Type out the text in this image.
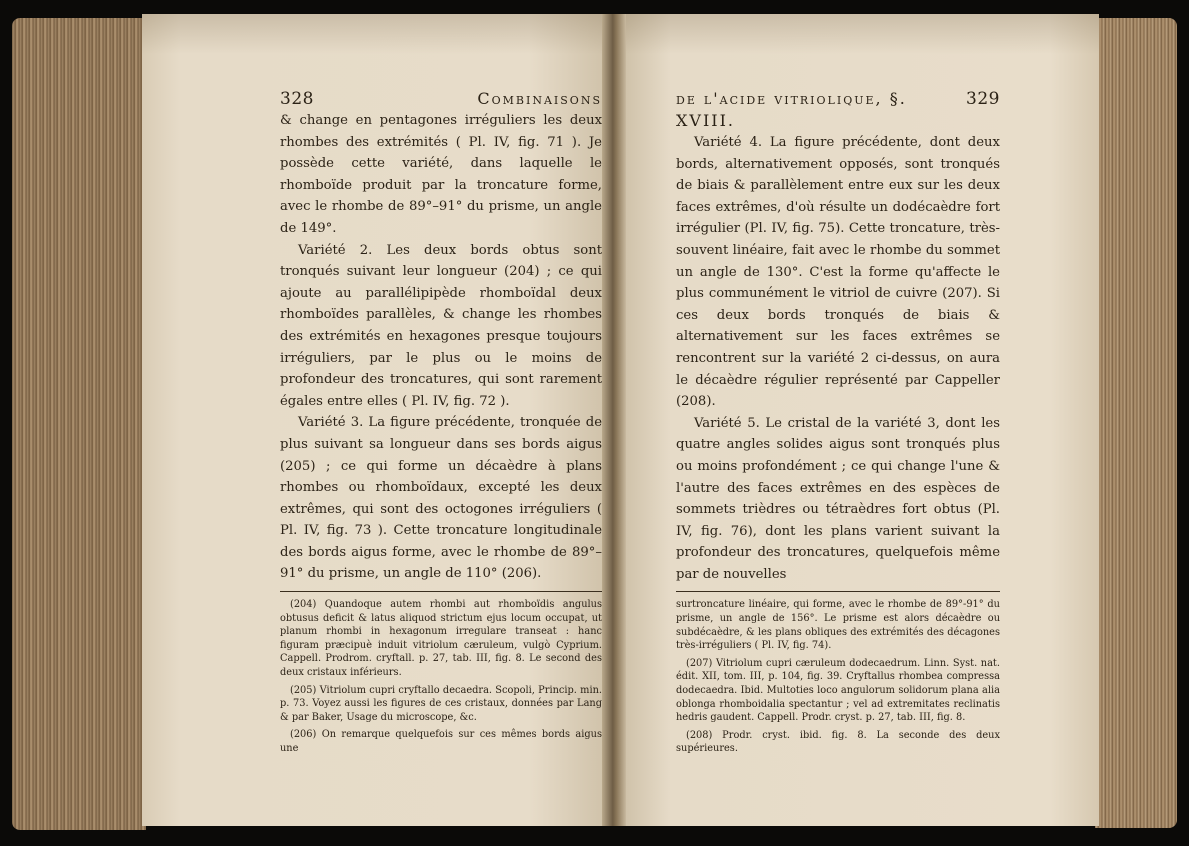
328	Combinaisons

& change en pentagones irréguliers les deux rhombes des extrémités ( Pl. IV, fig. 71 ). Je possède cette variété, dans laquelle le rhomboïde produit par la troncature forme, avec le rhombe de 89°–91° du prisme, un angle de 149°.

Variété 2. Les deux bords obtus sont tronqués suivant leur longueur (204) ; ce qui ajoute au parallélipipède rhomboïdal deux rhomboïdes parallèles, & change les rhombes des extrémités en hexagones presque toujours irréguliers, par le plus ou le moins de profondeur des troncatures, qui sont rarement égales entre elles ( Pl. IV, fig. 72 ).

Variété 3. La figure précédente, tronquée de plus suivant sa longueur dans ses bords aigus (205) ; ce qui forme un décaèdre à plans rhombes ou rhomboïdaux, excepté les deux extrêmes, qui sont des octogones irréguliers ( Pl. IV, fig. 73 ). Cette troncature longitudinale des bords aigus forme, avec le rhombe de 89°–91° du prisme, un angle de 110° (206).

(204) Quandoque autem rhombi aut rhomboïdis angulus obtusus deficit & latus aliquod strictum ejus locum occupat, ut planum rhombi in hexagonum irregulare transeat : hanc figuram præcipuè induit vitriolum cæruleum, vulgò Cyprium. Cappell. Prodrom. cryftall. p. 27, tab. III, fig. 8. Le second des deux cristaux inférieurs.

(205) Vitriolum cupri cryftallo decaedra. Scopoli, Princip. min. p. 73. Voyez aussi les figures de ces cristaux, données par Lang & par Baker, Usage du microscope, &c.

(206) On remarque quelquefois sur ces mêmes bords aigus une

de l'acide vitriolique, §. XVIII.
329

Variété 4. La figure précédente, dont deux bords, alternativement opposés, sont tronqués de biais & parallèlement entre eux sur les deux faces extrêmes, d'où résulte un dodécaèdre fort irrégulier (Pl. IV, fig. 75). Cette troncature, très-souvent linéaire, fait avec le rhombe du sommet un angle de 130°. C'est la forme qu'affecte le plus communément le vitriol de cuivre (207). Si ces deux bords tronqués de biais & alternativement sur les faces extrêmes se rencontrent sur la variété 2 ci-dessus, on aura le décaèdre régulier représenté par Cappeller (208).

Variété 5. Le cristal de la variété 3, dont les quatre angles solides aigus sont tronqués plus ou moins profondément ; ce qui change l'une & l'autre des faces extrêmes en des espèces de sommets trièdres ou tétraèdres fort obtus (Pl. IV, fig. 76), dont les plans varient suivant la profondeur des troncatures, quelquefois même par de nouvelles

surtroncature linéaire, qui forme, avec le rhombe de 89°-91° du prisme, un angle de 156°. Le prisme est alors décaèdre ou subdécaèdre, & les plans obliques des extrémités des décagones très-irréguliers ( Pl. IV, fig. 74).

(207) Vitriolum cupri cæruleum dodecaedrum. Linn. Syst. nat. édit. XII, tom. III, p. 104, fig. 39. Cryftallus rhombea compressa dodecaedra. Ibid. Multoties loco angulorum solidorum plana alia oblonga rhomboidalia spectantur ; vel ad extremitates reclinatis hedris gaudent. Cappell. Prodr. cryst. p. 27, tab. III, fig. 8.

(208) Prodr. cryst. ibid. fig. 8. La seconde des deux supérieures.
